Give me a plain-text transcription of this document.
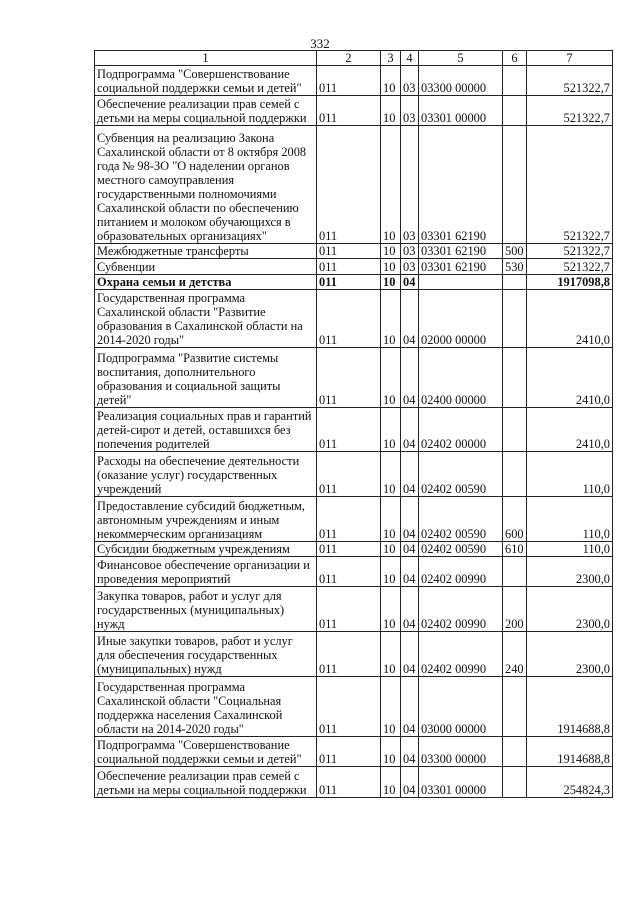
332
1	2	3	4	5	6	7
Подпрограмма "Совершенствование социальной поддержки семьи и детей"	011	10	03	03300 00000		521322,7
Обеспечение реализации прав семей с детьми на меры социальной поддержки	011	10	03	03301 00000		521322,7
Субвенция на реализацию Закона Сахалинской области от 8 октября 2008 года № 98-ЗО "О наделении органов местного самоуправления государственными полномочиями Сахалинской области по обеспечению питанием и молоком обучающихся в образовательных организациях"	011	10	03	03301 62190		521322,7
Межбюджетные трансферты	011	10	03	03301 62190	500	521322,7
Субвенции	011	10	03	03301 62190	530	521322,7
Охрана семьи и детства	011	10	04			1917098,8
Государственная программа Сахалинской области "Развитие образования в Сахалинской области на 2014-2020 годы"	011	10	04	02000 00000		2410,0
Подпрограмма "Развитие системы воспитания, дополнительного образования и социальной защиты детей"	011	10	04	02400 00000		2410,0
Реализация социальных прав и гарантий детей-сирот и детей, оставшихся без попечения родителей	011	10	04	02402 00000		2410,0
Расходы на обеспечение деятельности (оказание услуг) государственных учреждений	011	10	04	02402 00590		110,0
Предоставление субсидий бюджетным, автономным учреждениям и иным некоммерческим организациям	011	10	04	02402 00590	600	110,0
Субсидии бюджетным учреждениям	011	10	04	02402 00590	610	110,0
Финансовое обеспечение организации и проведения мероприятий	011	10	04	02402 00990		2300,0
Закупка товаров, работ и услуг для государственных (муниципальных) нужд	011	10	04	02402 00990	200	2300,0
Иные закупки товаров, работ и услуг для обеспечения государственных (муниципальных) нужд	011	10	04	02402 00990	240	2300,0
Государственная программа Сахалинской области "Социальная поддержка населения Сахалинской области на 2014-2020 годы"	011	10	04	03000 00000		1914688,8
Подпрограмма "Совершенствование социальной поддержки семьи и детей"	011	10	04	03300 00000		1914688,8
Обеспечение реализации прав семей с детьми на меры социальной поддержки	011	10	04	03301 00000		254824,3
